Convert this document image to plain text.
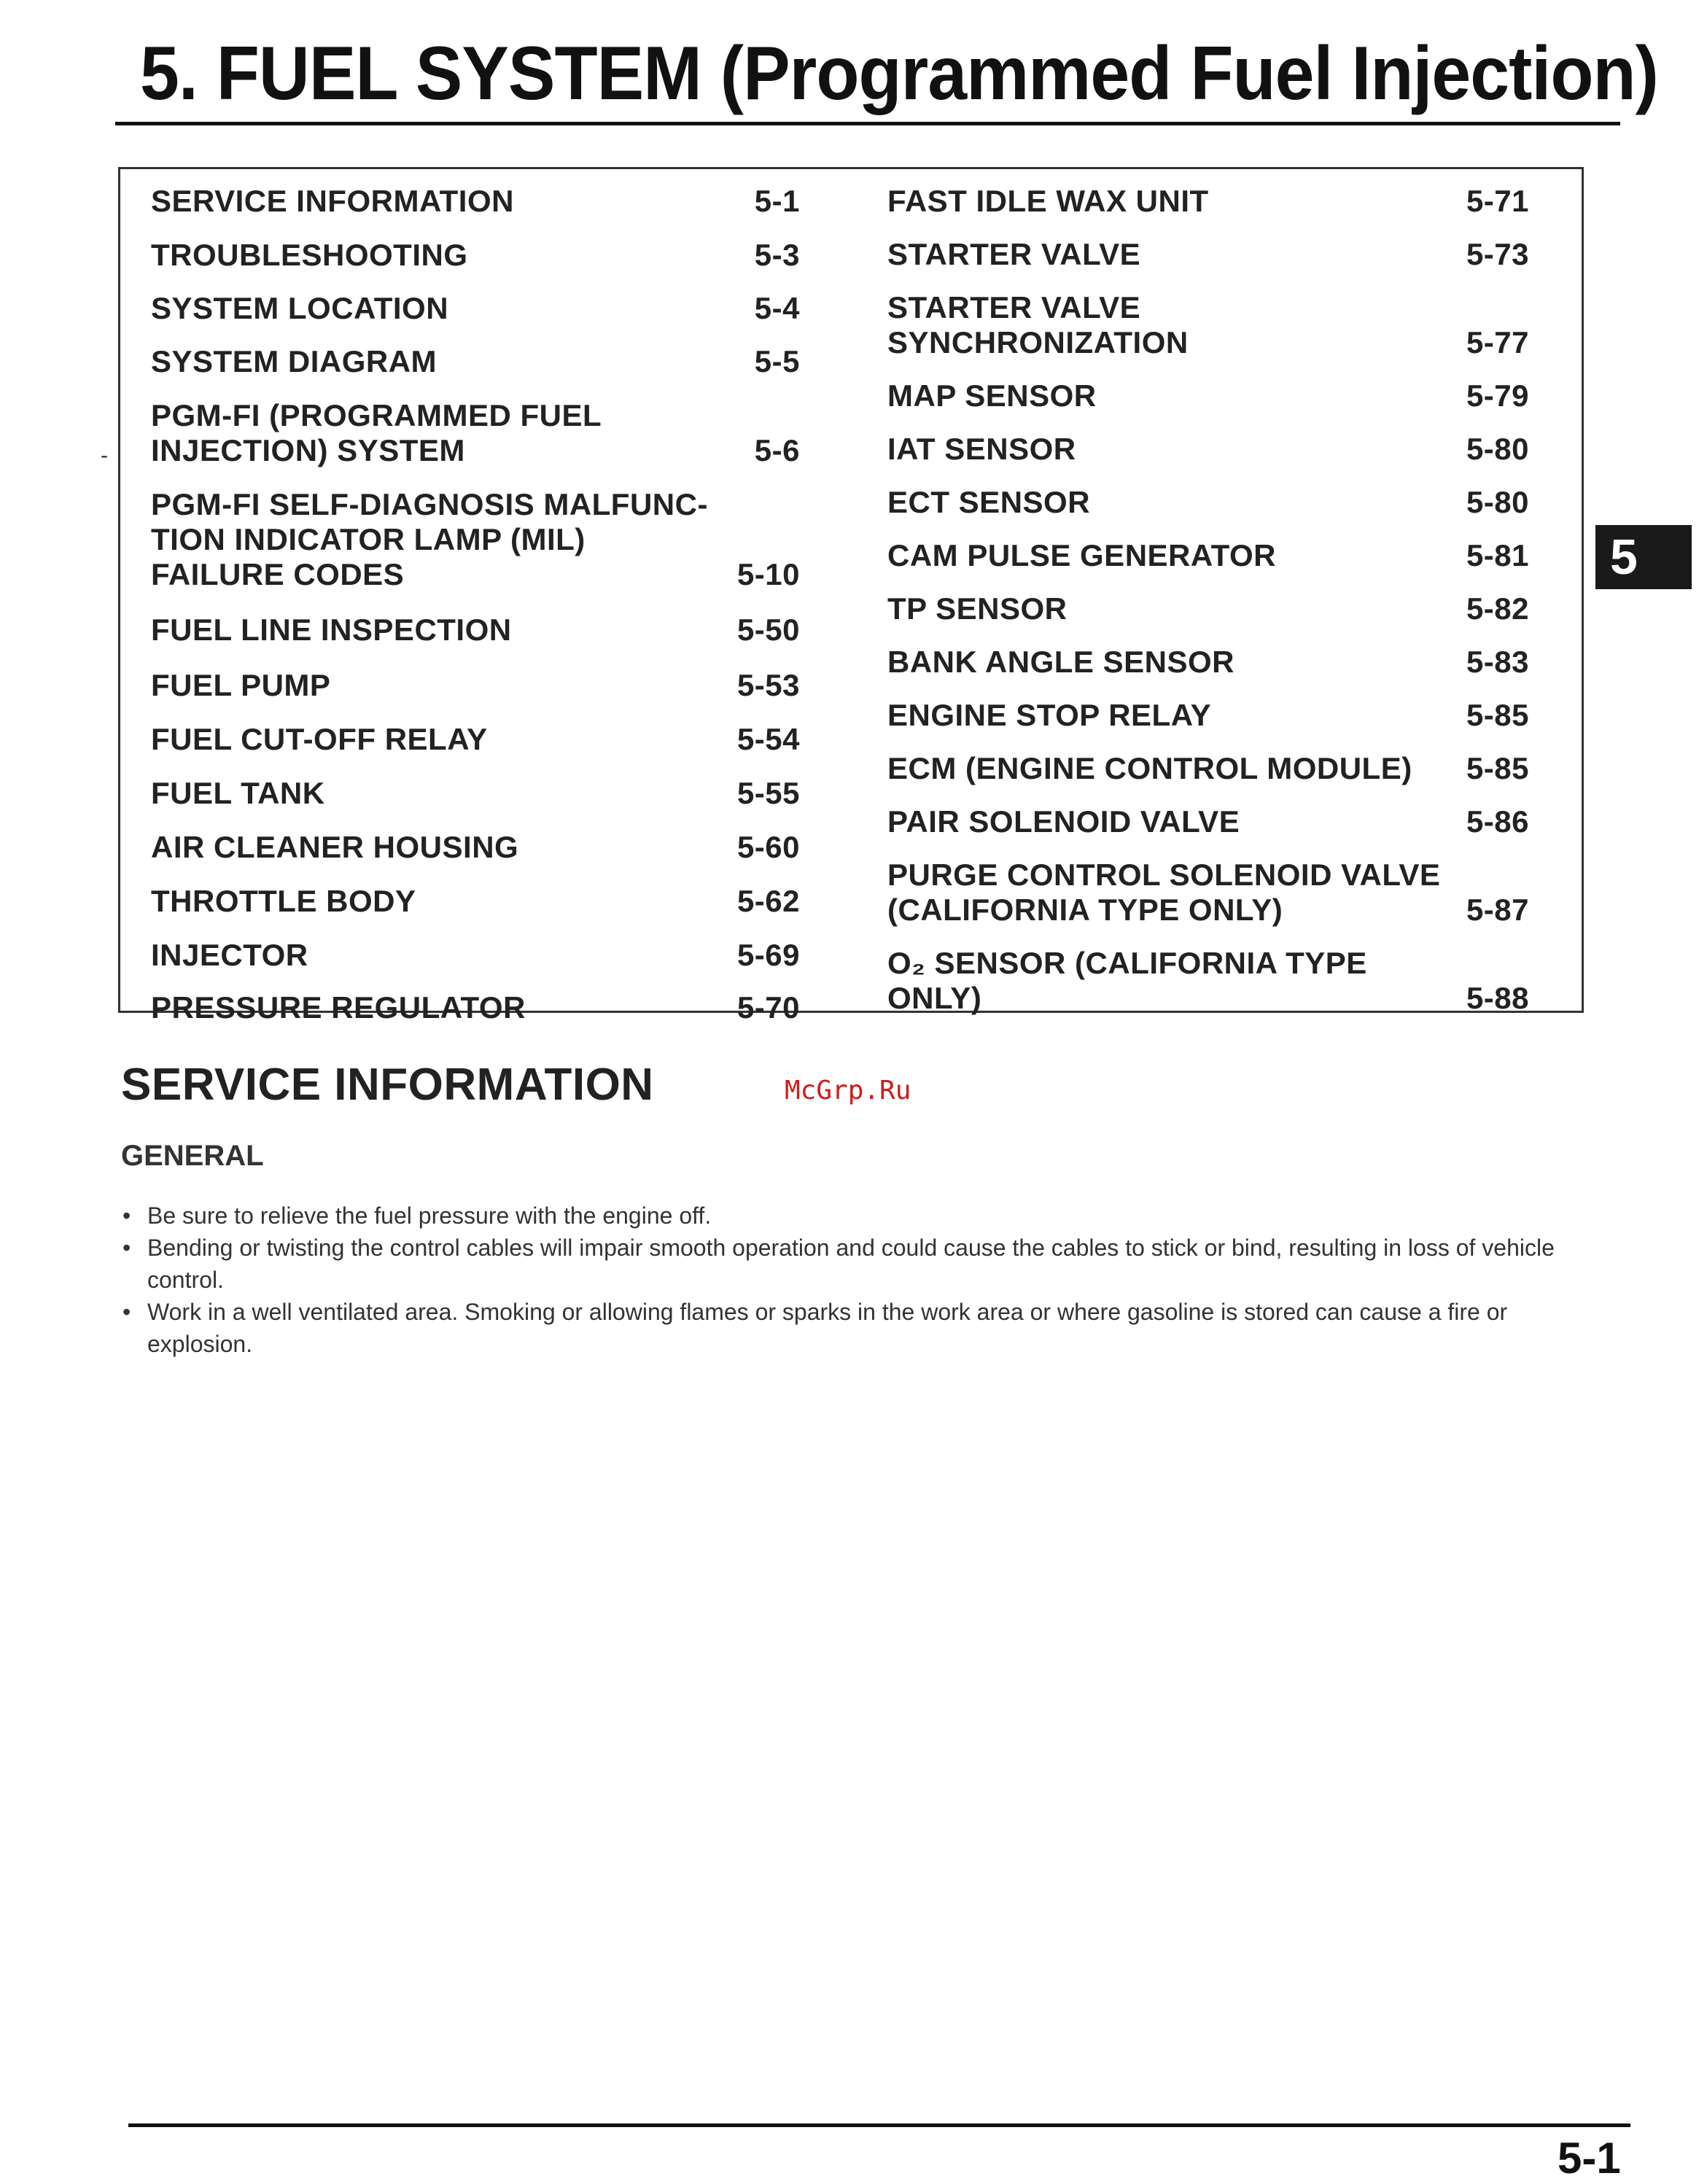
5. FUEL SYSTEM (Programmed Fuel Injection)
-
SERVICE INFORMATION	5-1
TROUBLESHOOTING	5-3
SYSTEM LOCATION	5-4
SYSTEM DIAGRAM	5-5
PGM-FI (PROGRAMMED FUEL
INJECTION) SYSTEM	5-6
PGM-FI SELF-DIAGNOSIS MALFUNC-
TION INDICATOR LAMP (MIL)
FAILURE CODES	5-10
FUEL LINE INSPECTION	5-50
FUEL PUMP	5-53
FUEL CUT-OFF RELAY	5-54
FUEL TANK	5-55
AIR CLEANER HOUSING	5-60
THROTTLE BODY	5-62
INJECTOR	5-69
PRESSURE REGULATOR	5-70
FAST IDLE WAX UNIT	5-71
STARTER VALVE	5-73
STARTER VALVE
SYNCHRONIZATION	5-77
MAP SENSOR	5-79
IAT SENSOR	5-80
ECT SENSOR	5-80
CAM PULSE GENERATOR	5-81
TP SENSOR	5-82
BANK ANGLE SENSOR	5-83
ENGINE STOP RELAY	5-85
ECM (ENGINE CONTROL MODULE)	5-85
PAIR SOLENOID VALVE	5-86
PURGE CONTROL SOLENOID VALVE
(CALIFORNIA TYPE ONLY)	5-87
O₂ SENSOR (CALIFORNIA TYPE
ONLY)	5-88
5
SERVICE INFORMATION	McGrp.Ru
GENERAL
• Be sure to relieve the fuel pressure with the engine off.
• Bending or twisting the control cables will impair smooth operation and could cause the cables to stick or bind, resulting in loss of vehicle control.
• Work in a well ventilated area. Smoking or allowing flames or sparks in the work area or where gasoline is stored can cause a fire or explosion.
5-1
